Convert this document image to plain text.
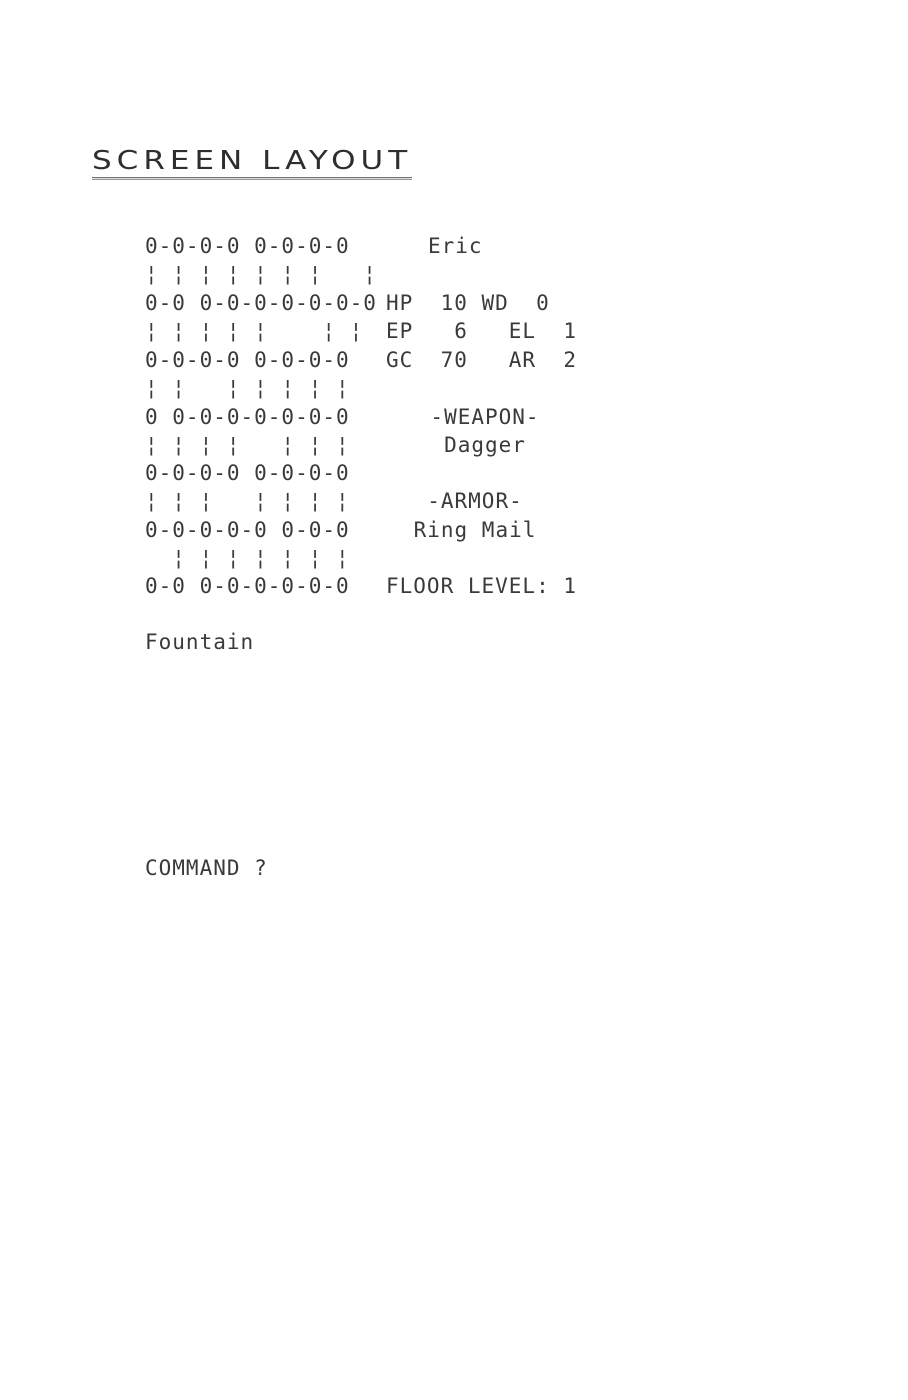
SCREEN LAYOUT
0-0-0-0 0-0-0-0
¦ ¦ ¦ ¦ ¦ ¦ ¦   ¦
0-0 0-0-0-0-0-0-0
¦ ¦ ¦ ¦ ¦    ¦ ¦
0-0-0-0 0-0-0-0
¦ ¦   ¦ ¦ ¦ ¦ ¦
0 0-0-0-0-0-0-0
¦ ¦ ¦ ¦   ¦ ¦ ¦
0-0-0-0 0-0-0-0
¦ ¦ ¦   ¦ ¦ ¦ ¦
0-0-0-0-0 0-0-0
¦ ¦ ¦ ¦ ¦ ¦ ¦
0-0 0-0-0-0-0-0
Eric
HP  10 WD  0
EP   6   EL  1
GC  70   AR  2
-WEAPON-
Dagger
-ARMOR-
Ring Mail
FLOOR LEVEL: 1
Fountain
COMMAND ?
